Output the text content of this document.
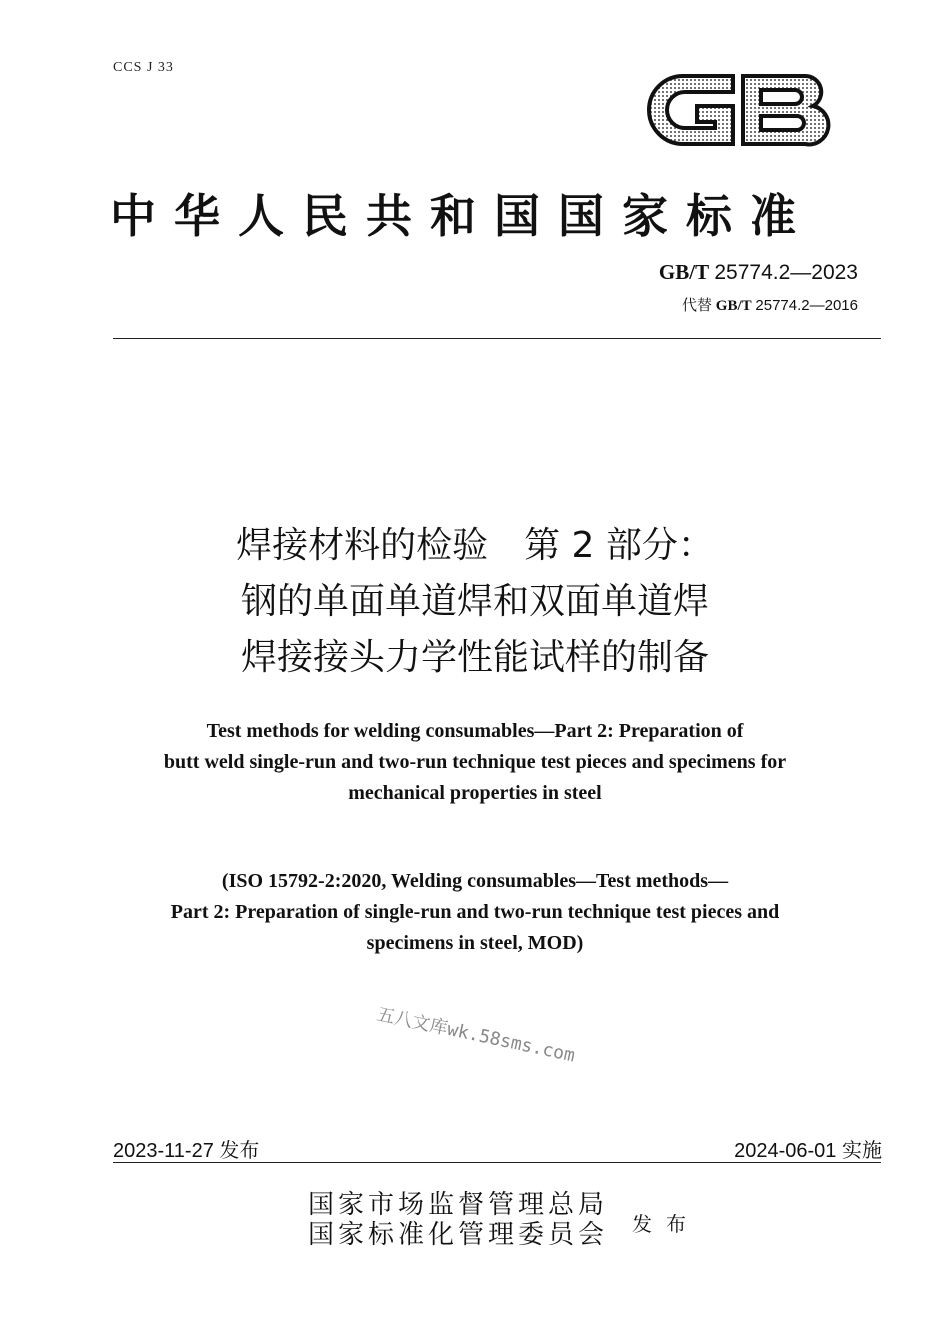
CCS J 33
中华人民共和国国家标准
GB/T 25774.2—2023
代替 GB/T 25774.2—2016
焊接材料的检验　第 2 部分：
钢的单面单道焊和双面单道焊
焊接接头力学性能试样的制备
Test methods for welding consumables—Part 2: Preparation of
butt weld single-run and two-run technique test pieces and specimens for
mechanical properties in steel
(ISO 15792-2:2020, Welding consumables—Test methods—
Part 2: Preparation of single-run and two-run technique test pieces and
specimens in steel, MOD)
五八文库wk.58sms.com
2023-11-27 发布	2024-06-01 实施
国家市场监督管理总局
国家标准化管理委员会 发布
